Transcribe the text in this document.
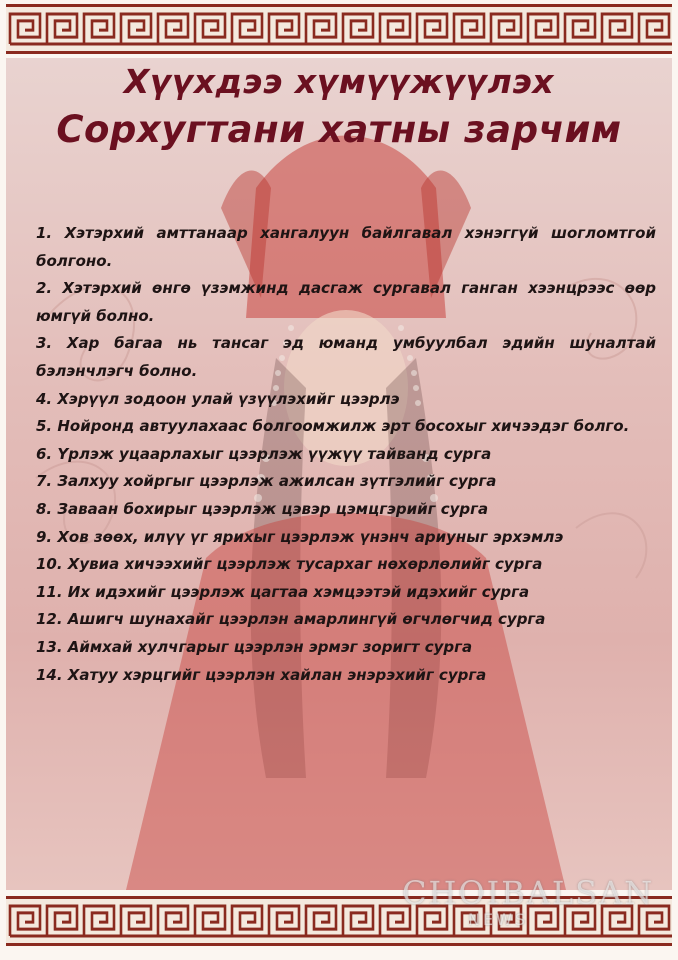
Хүүхдээ хүмүүжүүлэх
Сорхугтани хатны зарчим
1. Хэтэрхий амттанаар хангалуун байлгавал хэнэггүй шогломтгой болгоно.
2. Хэтэрхий өнгө үзэмжинд дасгаж сургавал ганган хээнцрээс өөр юмгүй болно.
3. Хар багаа нь тансаг эд юманд умбуулбал эдийн шуналтай бэлэнчлэгч болно.
4. Хэрүүл зодоон улай үзүүлэхийг цээрлэ
5. Нойронд автуулахаас болгоомжилж эрт босохыг хичээдэг болго.
6. Үрлэж уцаарлахыг цээрлэж үүжүү тайванд сурга
7. Залхуу хойргыг цээрлэж ажилсан зүтгэлийг сурга
8. Заваан бохирыг цээрлэж цэвэр цэмцгэрийг сурга
9. Хов зөөх, илүү үг ярихыг цээрлэж үнэнч ариуныг эрхэмлэ
10. Хувиа хичээхийг цээрлэж тусархаг нөхөрлөлийг сурга
11. Их идэхийг цээрлэж цагтаа хэмцээтэй идэхийг сурга
12. Ашигч шунахайг цээрлэн амарлингүй өгчлөгчид сурга
13. Аймхай хулчгарыг цээрлэн эрмэг зоригт сурга
14. Хатуу хэрцгийг цээрлэн хайлан энэрэхийг сурга
CHOIBALSAN
NEWS
